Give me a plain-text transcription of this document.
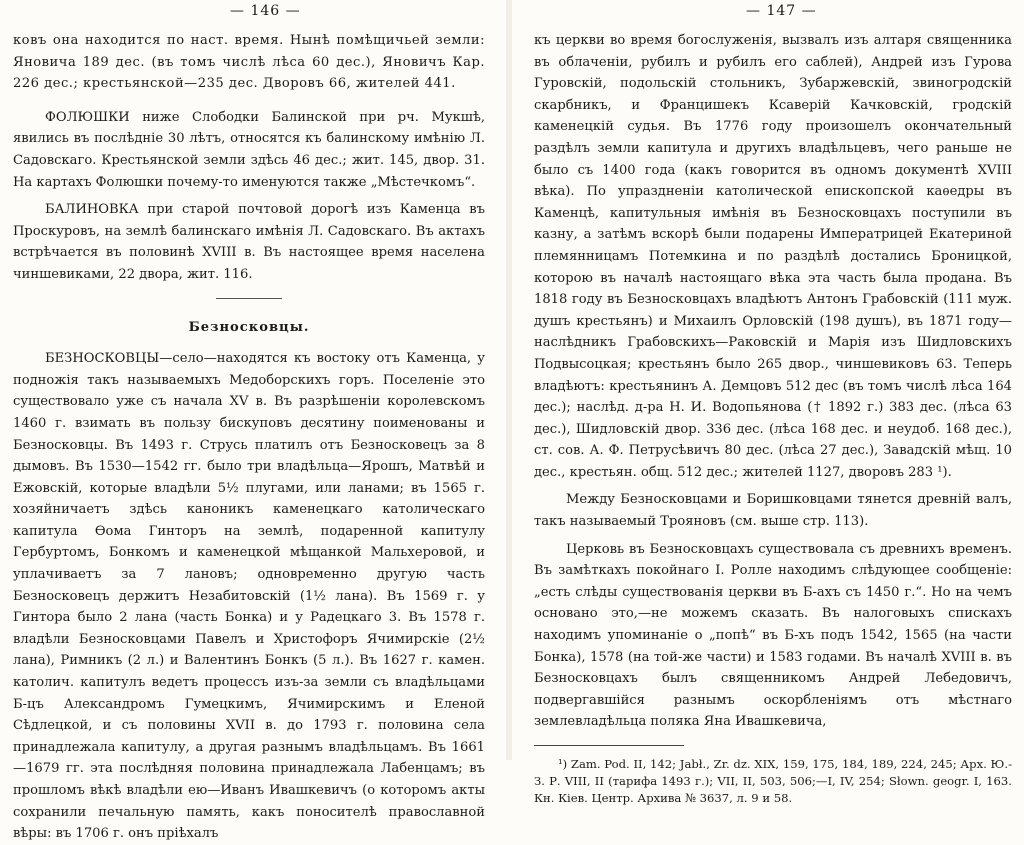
— 146 —

ковъ она находится по наст. время. Нынѣ помѣщичьей земли: Яновича 189 дес. (въ томъ числѣ лѣса 60 дес.), Яновичъ Кар. 226 дес.; крестьянской—235 дес. Дворовъ 66, жителей 441.

ФОЛЮШКИ ниже Слободки Балинской при рч. Мукшѣ, явились въ послѣдніе 30 лѣтъ, относятся къ балинскому имѣнію Л. Садовскаго. Крестьянской земли здѣсь 46 дес.; жит. 145, двор. 31. На картахъ Фолюшки почему-то именуются также „Мѣстечкомъ“.

БАЛИНОВКА при старой почтовой дорогѣ изъ Каменца въ Проскуровъ, на землѣ балинскаго имѣнія Л. Садовскаго. Въ актахъ встрѣчается въ половинѣ XVIII в. Въ настоящее время населена чиншевиками, 22 двора, жит. 116.

Безносковцы.

БЕЗНОСКОВЦЫ—село—находятся къ востоку отъ Каменца, у подножія такъ называемыхъ Медоборскихъ горъ. Поселеніе это существовало уже съ начала XV в. Въ разрѣшеніи королевскомъ 1460 г. взимать въ пользу бискуповъ десятину поименованы и Безносковцы. Въ 1493 г. Струсь платилъ отъ Безносковецъ за 8 дымовъ. Въ 1530—1542 гг. было три владѣльца—Ярошъ, Матвѣй и Ежовскій, которые владѣли 5½ плугами, или ланами; въ 1565 г. хозяйничаетъ здѣсь каноникъ каменецкаго католическаго капитула Ѳома Гинторъ на землѣ, подаренной капитулу Гербуртомъ, Бонкомъ и каменецкой мѣщанкой Мальхеровой, и уплачиваетъ за 7 лановъ; одновременно другую часть Безносковецъ держитъ Незабитовскій (1½ лана). Въ 1569 г. у Гинтора было 2 лана (часть Бонка) и у Радецкаго 3. Въ 1578 г. владѣли Безносковцами Павелъ и Христофоръ Ячимирскіе (2½ лана), Римникъ (2 л.) и Валентинъ Бонкъ (5 л.). Въ 1627 г. камен. католич. капитулъ ведетъ процессъ изъ-за земли съ владѣльцами Б-цъ Александромъ Гумецкимъ, Ячимирскимъ и Еленой Сѣдлецкой, и съ половины XVII в. до 1793 г. половина села принадлежала капитулу, а другая разнымъ владѣльцамъ. Въ 1661—1679 гг. эта послѣдняя половина принадлежала Лабенцамъ; въ прошломъ вѣкѣ владѣли ею—Иванъ Ивашкевичъ (о которомъ акты сохранили печальную память, какъ поносителѣ православной вѣры: въ 1706 г. онъ пріѣхалъ

— 147 —

къ церкви во время богослуженія, вызвалъ изъ алтаря священника въ облаченіи, рубилъ и рубилъ его саблей), Андрей изъ Гурова Гуровскій, подольскій стольникъ, Зубаржевскій, звиногродскій скарбникъ, и Францишекъ Ксаверій Качковскій, гродскій каменецкій судья. Въ 1776 году произошелъ окончательный раздѣлъ земли капитула и другихъ владѣльцевъ, чего раньше не было съ 1400 года (какъ говорится въ одномъ документѣ XVIII вѣка). По упраздненіи католической епископской каѳедры въ Каменцѣ, капитульныя имѣнія въ Безносковцахъ поступили въ казну, а затѣмъ вскорѣ были подарены Императрицей Екатериной племянницамъ Потемкина и по раздѣлѣ достались Броницкой, которою въ началѣ настоящаго вѣка эта часть была продана. Въ 1818 году въ Безносковцахъ владѣютъ Антонъ Грабовскій (111 муж. душъ крестьянъ) и Михаилъ Орловскій (198 душъ), въ 1871 году—наслѣдникъ Грабовскихъ—Раковскій и Марія изъ Шидловскихъ Подвысоцкая; крестьянъ было 265 двор., чиншевиковъ 63. Теперь владѣютъ: крестьянинъ А. Демцовъ 512 дес (въ томъ числѣ лѣса 164 дес.); наслѣд. д-ра Н. И. Водопьянова († 1892 г.) 383 дес. (лѣса 63 дес.), Шидловскій двор. 336 дес. (лѣса 168 дес. и неудоб. 168 дес.), ст. сов. А. Ф. Петрусѣвичъ 80 дес. (лѣса 27 дес.), Завадскій мѣщ. 10 дес., крестьян. общ. 512 дес.; жителей 1127, дворовъ 283 ¹).

Между Безносковцами и Боришковцами тянется древній валъ, такъ называемый Трояновъ (см. выше стр. 113).

Церковь въ Безносковцахъ существовала съ древнихъ временъ. Въ замѣткахъ покойнаго І. Ролле находимъ слѣдующее сообщеніе: „есть слѣды существованія церкви въ Б-ахъ съ 1450 г.“. Но на чемъ основано это,—не можемъ сказать. Въ налоговыхъ спискахъ находимъ упоминаніе о „попѣ“ въ Б-хъ подъ 1542, 1565 (на части Бонка), 1578 (на той-же части) и 1583 годами. Въ началѣ XVIII в. въ Безносковцахъ былъ священникомъ Андрей Лебедовичъ, подвергавшійся разнымъ оскорбленіямъ отъ мѣстнаго землевладѣльца поляка Яна Ивашкевича,

¹) Zam. Pod. II, 142; Jabł., Zr. dz. XIX, 159, 175, 184, 189, 224, 245; Арх. Ю.-З. Р. VIII, II (тарифа 1493 г.); VII, II, 503, 506;—I, IV, 254; Słown. geogr. I, 163. Кн. Кіев. Центр. Архива № 3637, л. 9 и 58.
